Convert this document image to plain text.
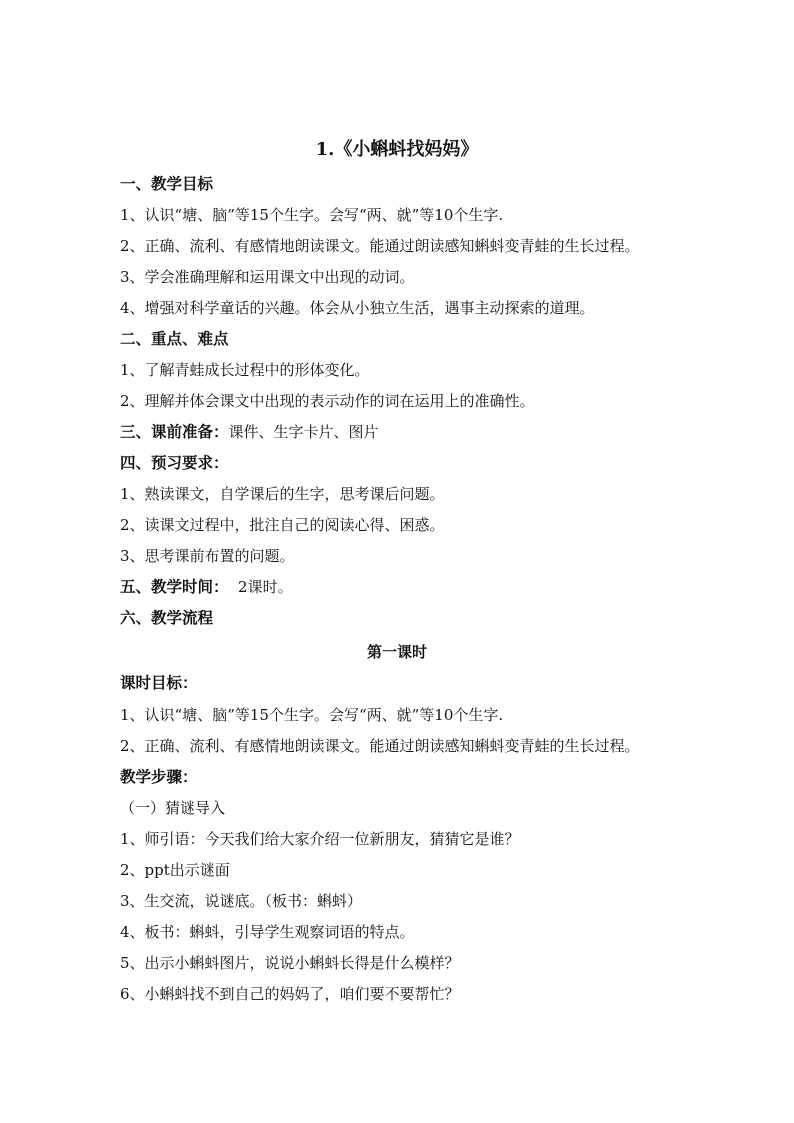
1.《小蝌蚪找妈妈》
一、教学目标
1、认识“塘、脑”等15个生字。会写“两、就”等10个生字.
2、正确、流利、有感情地朗读课文。能通过朗读感知蝌蚪变青蛙的生长过程。
3、学会准确理解和运用课文中出现的动词。
4、增强对科学童话的兴趣。体会从小独立生活，遇事主动探索的道理。
二、重点、难点
1、了解青蛙成长过程中的形体变化。
2、理解并体会课文中出现的表示动作的词在运用上的准确性。
三、课前准备：课件、生字卡片、图片
四、预习要求：
1、熟读课文，自学课后的生字，思考课后问题。
2、读课文过程中，批注自己的阅读心得、困惑。
3、思考课前布置的问题。
五、教学时间：  2课时。
六、教学流程
第一课时
课时目标：
1、认识“塘、脑”等15个生字。会写“两、就”等10个生字.
2、正确、流利、有感情地朗读课文。能通过朗读感知蝌蚪变青蛙的生长过程。
教学步骤：
（一）猜谜导入
1、师引语：今天我们给大家介绍一位新朋友，猜猜它是谁？
2、ppt出示谜面
3、生交流，说谜底。（板书：蝌蚪）
4、板书：蝌蚪，引导学生观察词语的特点。
5、出示小蝌蚪图片，说说小蝌蚪长得是什么模样？
6、小蝌蚪找不到自己的妈妈了，咱们要不要帮忙？
